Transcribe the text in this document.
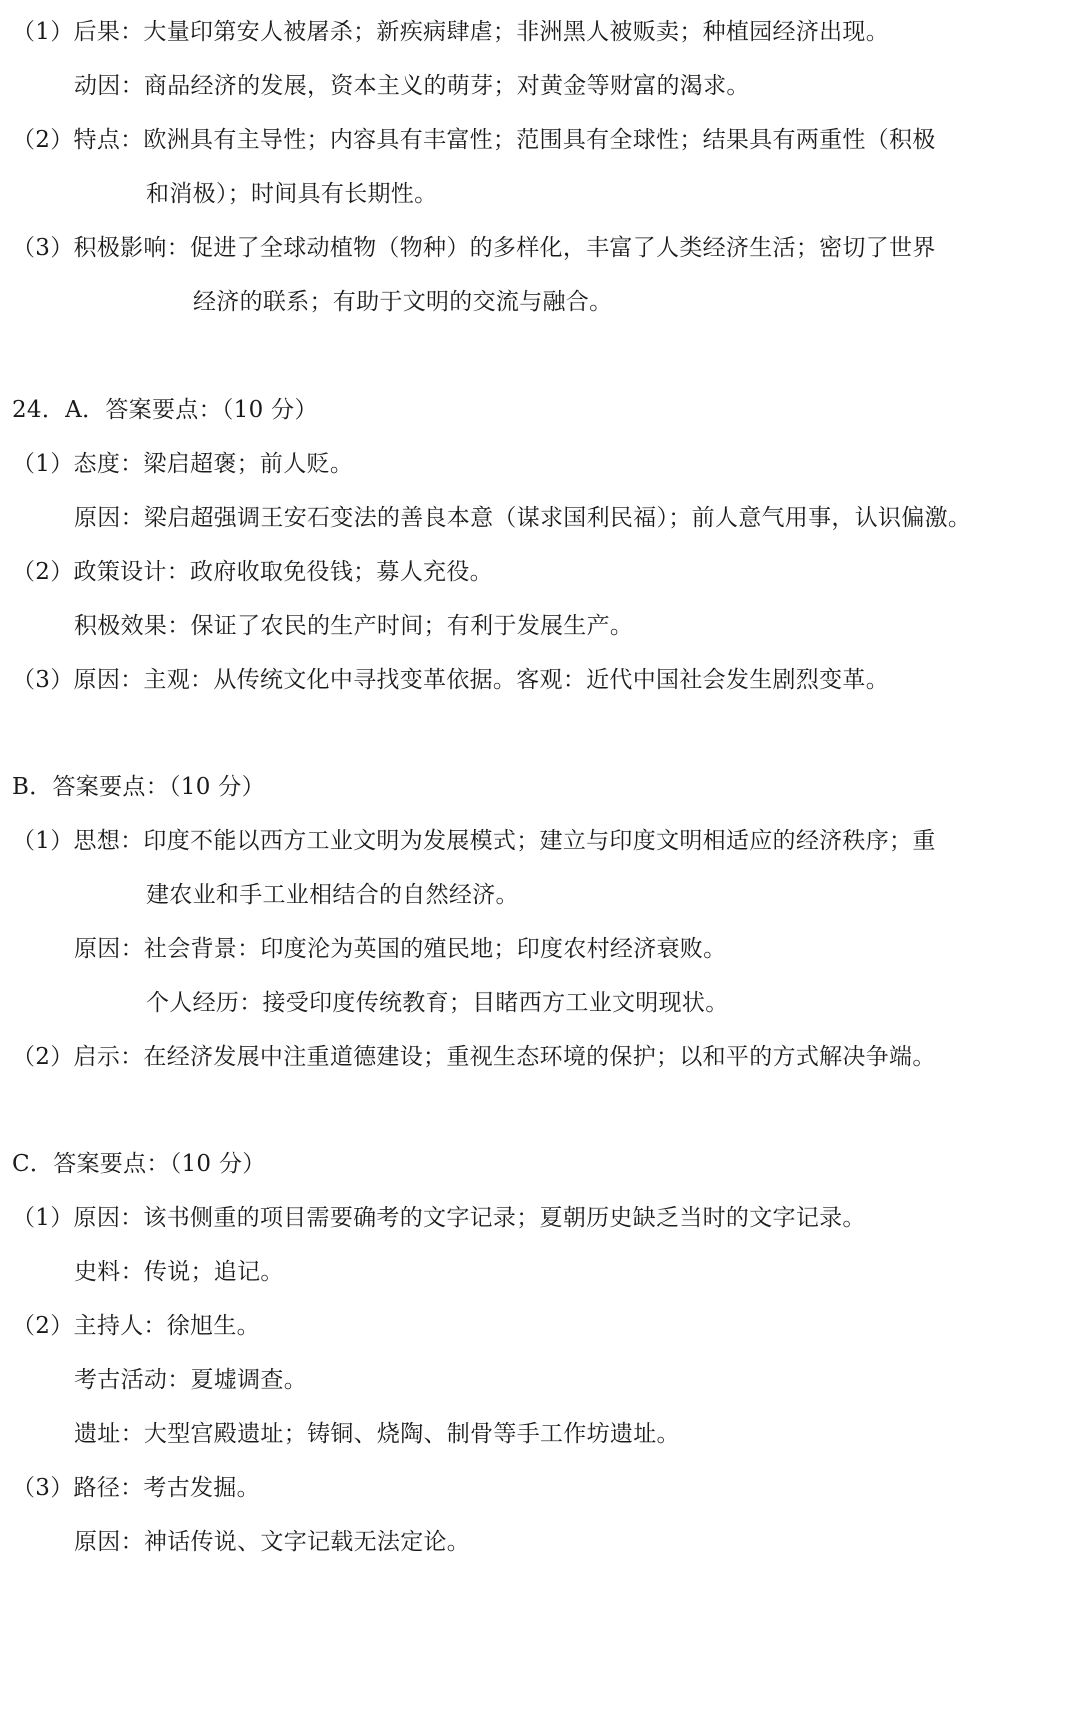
（1）后果：大量印第安人被屠杀；新疾病肆虐；非洲黑人被贩卖；种植园经济出现。
动因：商品经济的发展，资本主义的萌芽；对黄金等财富的渴求。
（2）特点：欧洲具有主导性；内容具有丰富性；范围具有全球性；结果具有两重性（积极
和消极）；时间具有长期性。
（3）积极影响：促进了全球动植物（物种）的多样化，丰富了人类经济生活；密切了世界
经济的联系；有助于文明的交流与融合。
24．A．答案要点：（10 分）
（1）态度：梁启超褒；前人贬。
原因：梁启超强调王安石变法的善良本意（谋求国利民福）；前人意气用事，认识偏激。
（2）政策设计：政府收取免役钱；募人充役。
积极效果：保证了农民的生产时间；有利于发展生产。
（3）原因：主观：从传统文化中寻找变革依据。客观：近代中国社会发生剧烈变革。
B．答案要点：（10 分）
（1）思想：印度不能以西方工业文明为发展模式；建立与印度文明相适应的经济秩序；重
建农业和手工业相结合的自然经济。
原因：社会背景：印度沦为英国的殖民地；印度农村经济衰败。
个人经历：接受印度传统教育；目睹西方工业文明现状。
（2）启示：在经济发展中注重道德建设；重视生态环境的保护；以和平的方式解决争端。
C．答案要点：（10 分）
（1）原因：该书侧重的项目需要确考的文字记录；夏朝历史缺乏当时的文字记录。
史料：传说；追记。
（2）主持人：徐旭生。
考古活动：夏墟调查。
遗址：大型宫殿遗址；铸铜、烧陶、制骨等手工作坊遗址。
（3）路径：考古发掘。
原因：神话传说、文字记载无法定论。
